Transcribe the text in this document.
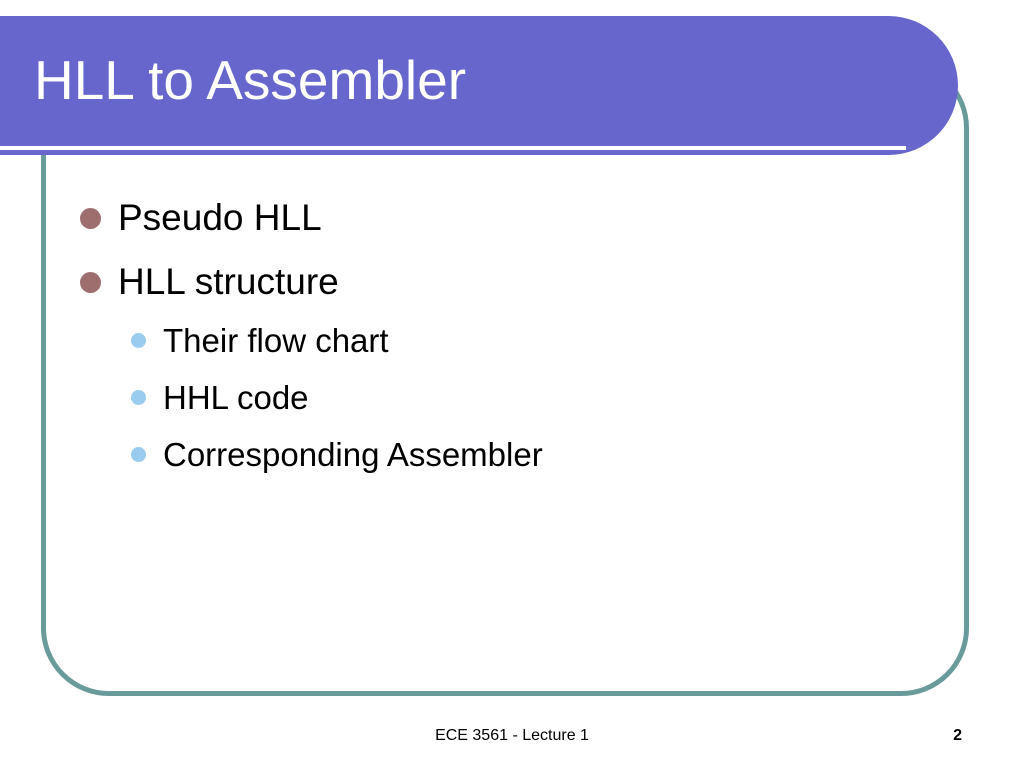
HLL to Assembler
Pseudo HLL
HLL structure
Their flow chart
HHL code
Corresponding Assembler
ECE 3561 - Lecture 1	2
